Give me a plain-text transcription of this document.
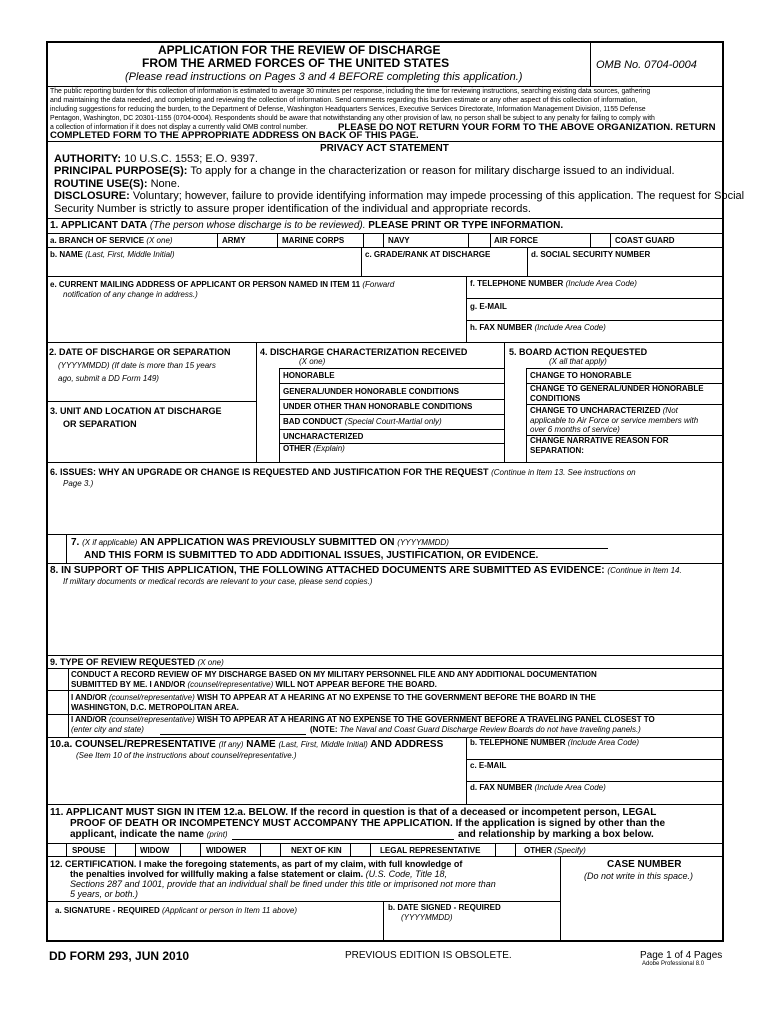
APPLICATION FOR THE REVIEW OF DISCHARGE
FROM THE ARMED FORCES OF THE UNITED STATES
(Please read instructions on Pages 3 and 4 BEFORE completing this application.)
OMB No. 0704-0004
The public reporting burden for this collection of information is estimated to average 30 minutes per response, including the time for reviewing instructions, searching existing data sources, gathering
and maintaining the data needed, and completing and reviewing the collection of information. Send comments regarding this burden estimate or any other aspect of this collection of information,
including suggestions for reducing the burden, to the Department of Defense, Washington Headquarters Services, Executive Services Directorate, Information Management Division, 1155 Defense
Pentagon, Washington, DC 20301-1155 (0704-0004). Respondents should be aware that notwithstanding any other provision of law, no person shall be subject to any penalty for failing to comply with
a collection of information if it does not display a currently valid OMB control number.	PLEASE DO NOT RETURN YOUR FORM TO THE ABOVE ORGANIZATION. RETURN
COMPLETED FORM TO THE APPROPRIATE ADDRESS ON BACK OF THIS PAGE.
PRIVACY ACT STATEMENT
AUTHORITY: 10 U.S.C. 1553; E.O. 9397.
PRINCIPAL PURPOSE(S): To apply for a change in the characterization or reason for military discharge issued to an individual.
ROUTINE USE(S): None.
DISCLOSURE: Voluntary; however, failure to provide identifying information may impede processing of this application. The request for Social
Security Number is strictly to assure proper identification of the individual and appropriate records.
1. APPLICANT DATA (The person whose discharge is to be reviewed). PLEASE PRINT OR TYPE INFORMATION.
a. BRANCH OF SERVICE (X one)	ARMY	MARINE CORPS	NAVY	AIR FORCE	COAST GUARD
b. NAME (Last, First, Middle Initial)	c. GRADE/RANK AT DISCHARGE	d. SOCIAL SECURITY NUMBER
e. CURRENT MAILING ADDRESS OF APPLICANT OR PERSON NAMED IN ITEM 11 (Forward
notification of any change in address.)
f. TELEPHONE NUMBER (Include Area Code)
g. E-MAIL
h. FAX NUMBER (Include Area Code)
2. DATE OF DISCHARGE OR SEPARATION
(YYYYMMDD) (If date is more than 15 years
ago, submit a DD Form 149)
3. UNIT AND LOCATION AT DISCHARGE
OR SEPARATION
4. DISCHARGE CHARACTERIZATION RECEIVED
(X one)
HONORABLE
GENERAL/UNDER HONORABLE CONDITIONS
UNDER OTHER THAN HONORABLE CONDITIONS
BAD CONDUCT (Special Court-Martial only)
UNCHARACTERIZED
OTHER (Explain)
5. BOARD ACTION REQUESTED
(X all that apply)
CHANGE TO HONORABLE
CHANGE TO GENERAL/UNDER HONORABLE
CONDITIONS
CHANGE TO UNCHARACTERIZED (Not
applicable to Air Force or service members with
over 6 months of service)
CHANGE NARRATIVE REASON FOR
SEPARATION:
6. ISSUES: WHY AN UPGRADE OR CHANGE IS REQUESTED AND JUSTIFICATION FOR THE REQUEST (Continue in Item 13. See instructions on
Page 3.)
7. (X if applicable) AN APPLICATION WAS PREVIOUSLY SUBMITTED ON (YYYYMMDD)
AND THIS FORM IS SUBMITTED TO ADD ADDITIONAL ISSUES, JUSTIFICATION, OR EVIDENCE.
8. IN SUPPORT OF THIS APPLICATION, THE FOLLOWING ATTACHED DOCUMENTS ARE SUBMITTED AS EVIDENCE: (Continue in Item 14.
If military documents or medical records are relevant to your case, please send copies.)
9. TYPE OF REVIEW REQUESTED (X one)
CONDUCT A RECORD REVIEW OF MY DISCHARGE BASED ON MY MILITARY PERSONNEL FILE AND ANY ADDITIONAL DOCUMENTATION
SUBMITTED BY ME. I AND/OR (counsel/representative) WILL NOT APPEAR BEFORE THE BOARD.
I AND/OR (counsel/representative) WISH TO APPEAR AT A HEARING AT NO EXPENSE TO THE GOVERNMENT BEFORE THE BOARD IN THE
WASHINGTON, D.C. METROPOLITAN AREA.
I AND/OR (counsel/representative) WISH TO APPEAR AT A HEARING AT NO EXPENSE TO THE GOVERNMENT BEFORE A TRAVELING PANEL CLOSEST TO
(enter city and state)	(NOTE: The Naval and Coast Guard Discharge Review Boards do not have traveling panels.)
10.a. COUNSEL/REPRESENTATIVE (If any) NAME (Last, First, Middle Initial) AND ADDRESS
(See Item 10 of the instructions about counsel/representative.)
b. TELEPHONE NUMBER (Include Area Code)
c. E-MAIL
d. FAX NUMBER (Include Area Code)
11. APPLICANT MUST SIGN IN ITEM 12.a. BELOW. If the record in question is that of a deceased or incompetent person, LEGAL
PROOF OF DEATH OR INCOMPETENCY MUST ACCOMPANY THE APPLICATION. If the application is signed by other than the
applicant, indicate the name (print)	and relationship by marking a box below.
SPOUSE	WIDOW	WIDOWER	NEXT OF KIN	LEGAL REPRESENTATIVE	OTHER (Specify)
12. CERTIFICATION. I make the foregoing statements, as part of my claim, with full knowledge of
the penalties involved for willfully making a false statement or claim. (U.S. Code, Title 18,
Sections 287 and 1001, provide that an individual shall be fined under this title or imprisoned not more than
5 years, or both.)
CASE NUMBER
(Do not write in this space.)
a. SIGNATURE - REQUIRED (Applicant or person in Item 11 above)	b. DATE SIGNED - REQUIRED
(YYYYMMDD)
DD FORM 293, JUN 2010	PREVIOUS EDITION IS OBSOLETE.	Page 1 of 4 Pages
Adobe Professional 8.0
